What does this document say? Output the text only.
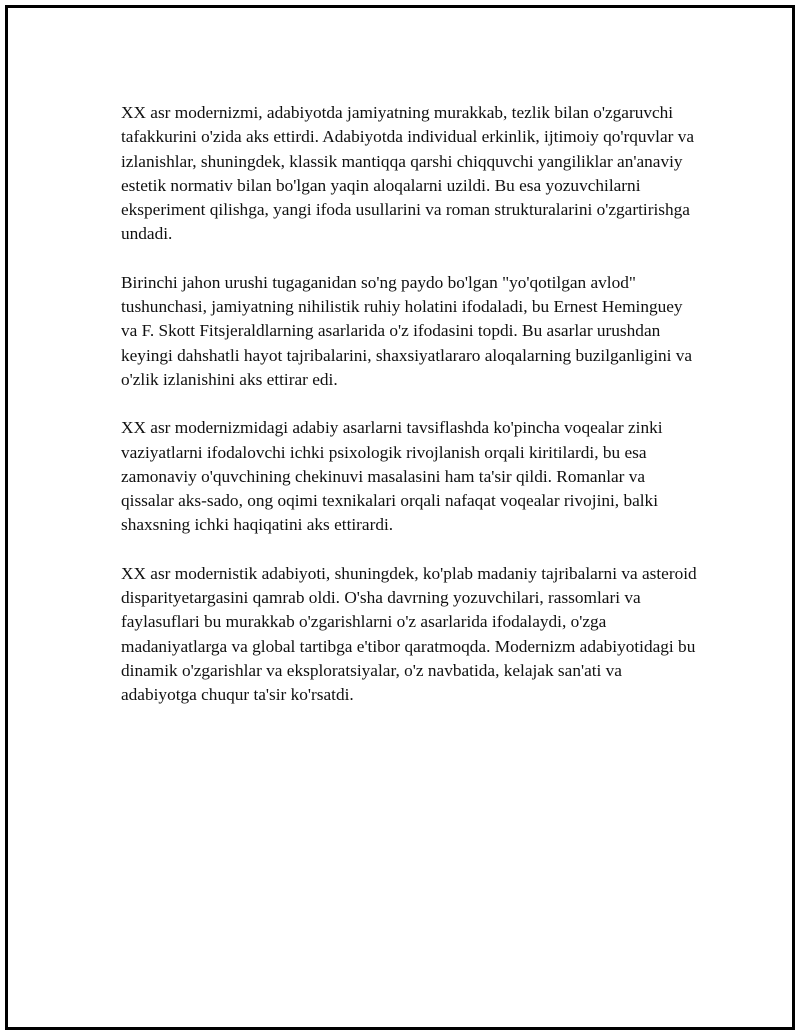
XX asr modernizmi, adabiyotda jamiyatning murakkab, tezlik bilan o'zgaruvchi tafakkurini o'zida aks ettirdi. Adabiyotda individual erkinlik, ijtimoiy qo'rquvlar va izlanishlar, shuningdek, klassik mantiqqa qarshi chiqquvchi yangiliklar an'anaviy estetik normativ bilan bo'lgan yaqin aloqalarni uzildi. Bu esa yozuvchilarni eksperiment qilishga, yangi ifoda usullarini va roman strukturalarini o'zgartirishga undadi.

Birinchi jahon urushi tugaganidan so'ng paydo bo'lgan "yo'qotilgan avlod" tushunchasi, jamiyatning nihilistik ruhiy holatini ifodaladi, bu Ernest Heminguey va F. Skott Fitsjeraldlarning asarlarida o'z ifodasini topdi. Bu asarlar urushdan keyingi dahshatli hayot tajribalarini, shaxsiyatlararo aloqalarning buzilganligini va o'zlik izlanishini aks ettirar edi.

XX asr modernizmidagi adabiy asarlarni tavsiflashda ko'pincha voqealar zinki vaziyatlarni ifodalovchi ichki psixologik rivojlanish orqali kiritilardi, bu esa zamonaviy o'quvchining chekinuvi masalasini ham ta'sir qildi. Romanlar va qissalar aks-sado, ong oqimi texnikalari orqali nafaqat voqealar rivojini, balki shaxsning ichki haqiqatini aks ettirardi.

XX asr modernistik adabiyoti, shuningdek, ko'plab madaniy tajribalarni va asteroid disparityetargasini qamrab oldi. O'sha davrning yozuvchilari, rassomlari va faylasuflari bu murakkab o'zgarishlarni o'z asarlarida ifodalaydi, o'zga madaniyatlarga va global tartibga e'tibor qaratmoqda. Modernizm adabiyotidagi bu dinamik o'zgarishlar va eksploratsiyalar, o'z navbatida, kelajak san'ati va adabiyotga chuqur ta'sir ko'rsatdi.
